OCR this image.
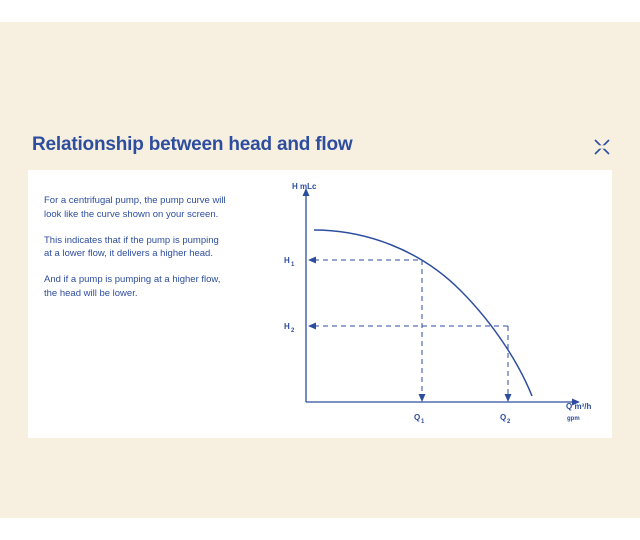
Relationship between head and flow

For a centrifugal pump, the pump curve will look like the curve shown on your screen.

This indicates that if the pump is pumping at a lower flow, it delivers a higher head.

And if a pump is pumping at a higher flow, the head will be lower.

H mLc
Q m³/h
gpm
H 1
H 2
Q 1	Q 2
